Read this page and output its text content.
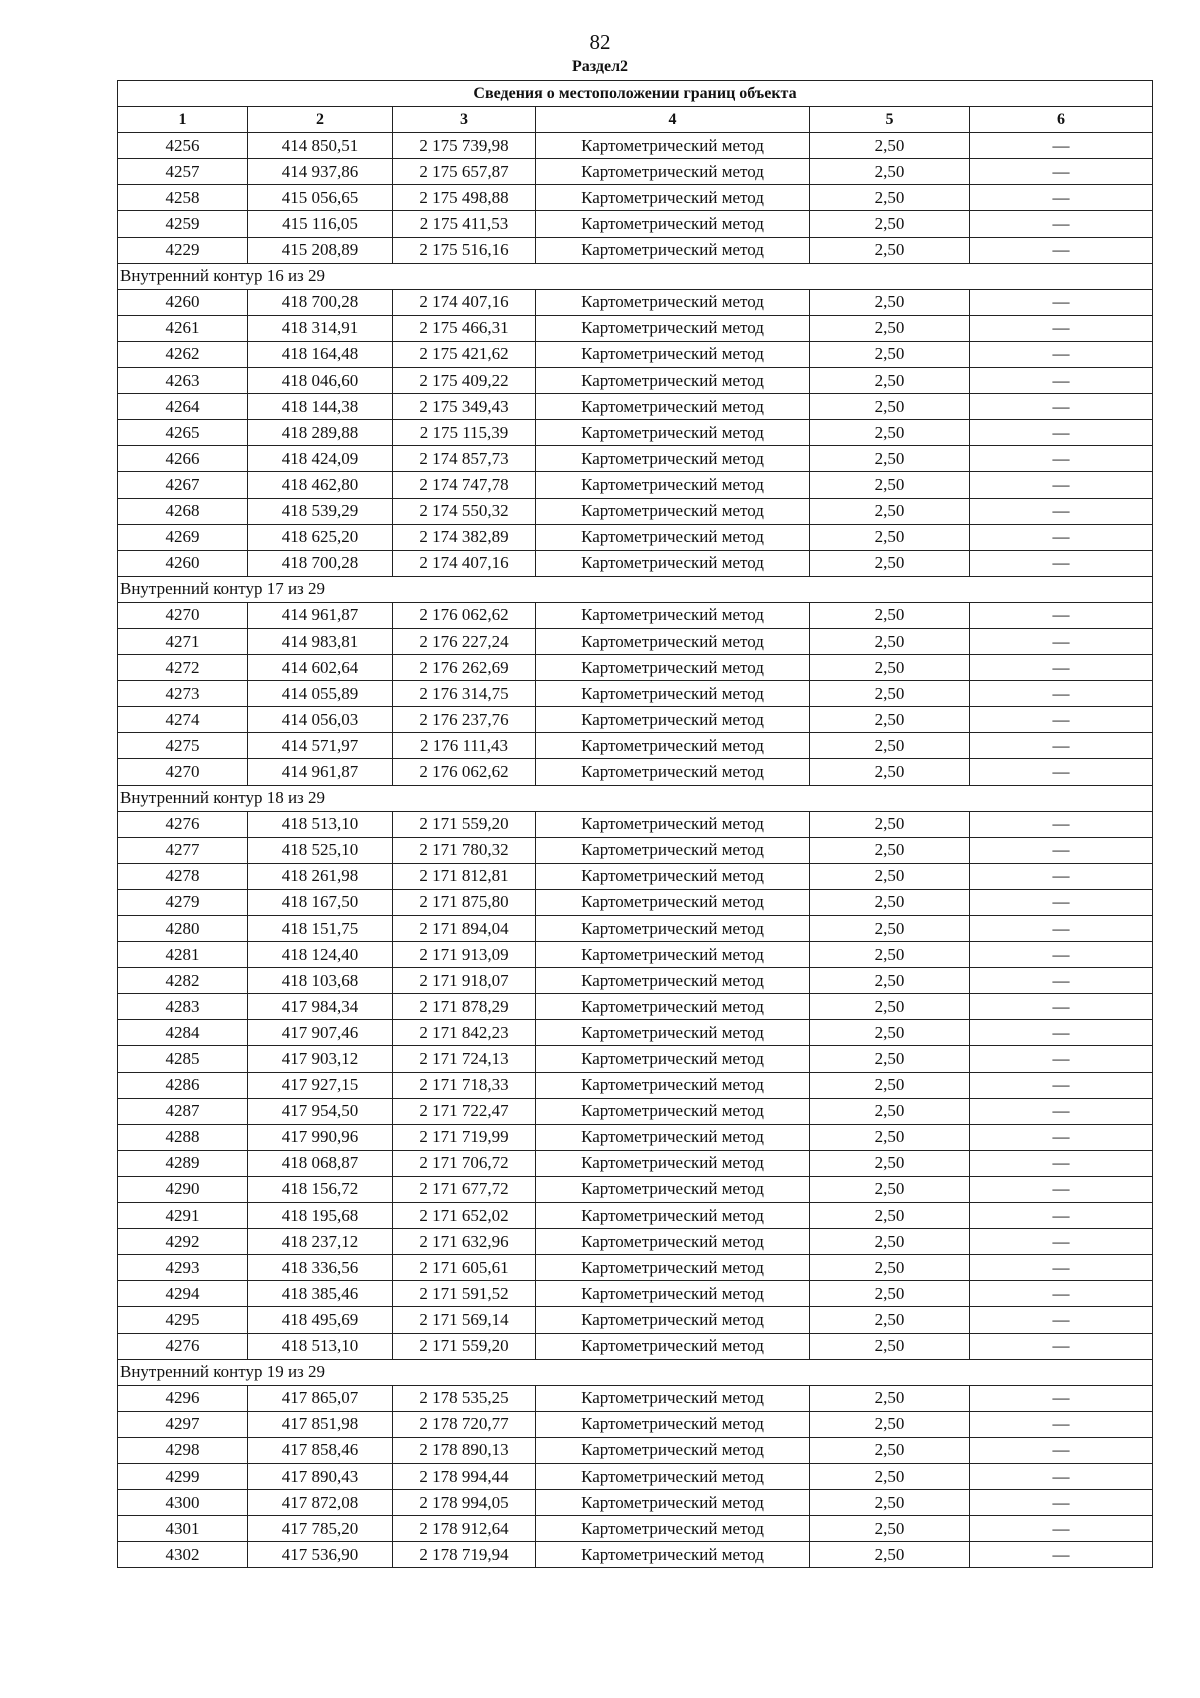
82
Раздел2
Сведения о местоположении границ объекта					
1	2	3	4	5	6
4256	414 850,51	2 175 739,98	Картометрический метод	2,50	—
4257	414 937,86	2 175 657,87	Картометрический метод	2,50	—
4258	415 056,65	2 175 498,88	Картометрический метод	2,50	—
4259	415 116,05	2 175 411,53	Картометрический метод	2,50	—
4229	415 208,89	2 175 516,16	Картометрический метод	2,50	—
Внутренний контур 16 из 29					
4260	418 700,28	2 174 407,16	Картометрический метод	2,50	—
4261	418 314,91	2 175 466,31	Картометрический метод	2,50	—
4262	418 164,48	2 175 421,62	Картометрический метод	2,50	—
4263	418 046,60	2 175 409,22	Картометрический метод	2,50	—
4264	418 144,38	2 175 349,43	Картометрический метод	2,50	—
4265	418 289,88	2 175 115,39	Картометрический метод	2,50	—
4266	418 424,09	2 174 857,73	Картометрический метод	2,50	—
4267	418 462,80	2 174 747,78	Картометрический метод	2,50	—
4268	418 539,29	2 174 550,32	Картометрический метод	2,50	—
4269	418 625,20	2 174 382,89	Картометрический метод	2,50	—
4260	418 700,28	2 174 407,16	Картометрический метод	2,50	—
Внутренний контур 17 из 29					
4270	414 961,87	2 176 062,62	Картометрический метод	2,50	—
4271	414 983,81	2 176 227,24	Картометрический метод	2,50	—
4272	414 602,64	2 176 262,69	Картометрический метод	2,50	—
4273	414 055,89	2 176 314,75	Картометрический метод	2,50	—
4274	414 056,03	2 176 237,76	Картометрический метод	2,50	—
4275	414 571,97	2 176 111,43	Картометрический метод	2,50	—
4270	414 961,87	2 176 062,62	Картометрический метод	2,50	—
Внутренний контур 18 из 29					
4276	418 513,10	2 171 559,20	Картометрический метод	2,50	—
4277	418 525,10	2 171 780,32	Картометрический метод	2,50	—
4278	418 261,98	2 171 812,81	Картометрический метод	2,50	—
4279	418 167,50	2 171 875,80	Картометрический метод	2,50	—
4280	418 151,75	2 171 894,04	Картометрический метод	2,50	—
4281	418 124,40	2 171 913,09	Картометрический метод	2,50	—
4282	418 103,68	2 171 918,07	Картометрический метод	2,50	—
4283	417 984,34	2 171 878,29	Картометрический метод	2,50	—
4284	417 907,46	2 171 842,23	Картометрический метод	2,50	—
4285	417 903,12	2 171 724,13	Картометрический метод	2,50	—
4286	417 927,15	2 171 718,33	Картометрический метод	2,50	—
4287	417 954,50	2 171 722,47	Картометрический метод	2,50	—
4288	417 990,96	2 171 719,99	Картометрический метод	2,50	—
4289	418 068,87	2 171 706,72	Картометрический метод	2,50	—
4290	418 156,72	2 171 677,72	Картометрический метод	2,50	—
4291	418 195,68	2 171 652,02	Картометрический метод	2,50	—
4292	418 237,12	2 171 632,96	Картометрический метод	2,50	—
4293	418 336,56	2 171 605,61	Картометрический метод	2,50	—
4294	418 385,46	2 171 591,52	Картометрический метод	2,50	—
4295	418 495,69	2 171 569,14	Картометрический метод	2,50	—
4276	418 513,10	2 171 559,20	Картометрический метод	2,50	—
Внутренний контур 19 из 29					
4296	417 865,07	2 178 535,25	Картометрический метод	2,50	—
4297	417 851,98	2 178 720,77	Картометрический метод	2,50	—
4298	417 858,46	2 178 890,13	Картометрический метод	2,50	—
4299	417 890,43	2 178 994,44	Картометрический метод	2,50	—
4300	417 872,08	2 178 994,05	Картометрический метод	2,50	—
4301	417 785,20	2 178 912,64	Картометрический метод	2,50	—
4302	417 536,90	2 178 719,94	Картометрический метод	2,50	—
